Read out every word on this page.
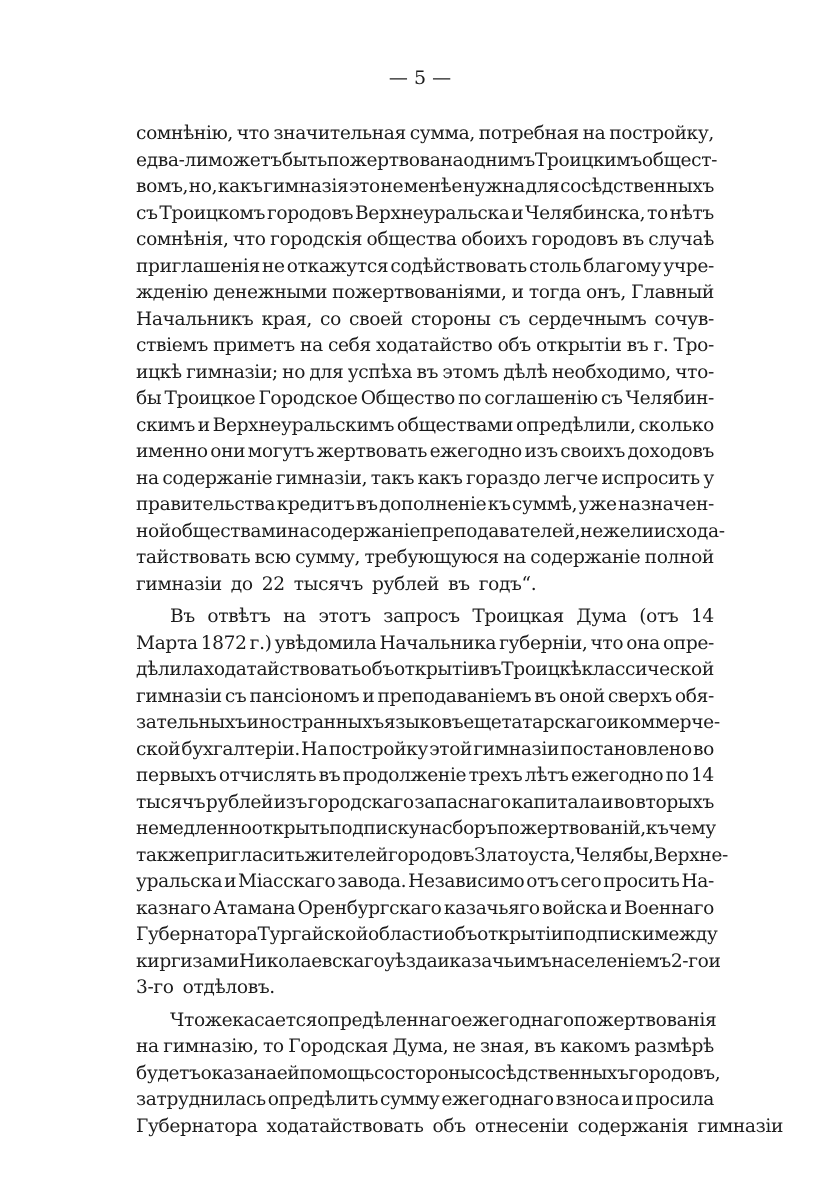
— 5 —
сомнѣнію, что значительная сумма, потребная на постройку,
едва-ли можетъ быть пожертвована однимъ Троицкимъ общест-
вомъ, но, какъ гимназія это не менѣе нужна для сосѣдственныхъ
съ Троицкомъ городовъ Верхнеуральска и Челябинска, то нѣтъ
сомнѣнія, что городскія общества обоихъ городовъ въ случаѣ
приглашенія не откажутся содѣйствовать столь благому учре-
жденію денежными пожертвованіями, и тогда онъ, Главный
Начальникъ края, со своей стороны съ сердечнымъ сочув-
ствіемъ приметъ на себя ходатайство объ открытіи въ г. Тро-
ицкѣ гимназіи; но для успѣха въ этомъ дѣлѣ необходимо, что-
бы Троицкое Городское Общество по соглашенію съ Челябин-
скимъ и Верхнеуральскимъ обществами опредѣлили, сколько
именно они могутъ жертвовать ежегодно изъ своихъ доходовъ
на содержаніе гимназіи, такъ какъ гораздо легче испросить у
правительства кредитъ въ дополненіе къ суммѣ, уже назначен-
ной обществами на содержаніе преподавателей, нежели исхода-
тайствовать всю сумму, требующуюся на содержаніе полной
гимназіи до 22 тысячъ рублей въ годъ“.
Въ отвѣтъ на этотъ запросъ Троицкая Дума (отъ 14
Марта 1872 г.) увѣдомила Начальника губерніи, что она опре-
дѣлила ходатайствовать объ открытіи въ Троицкѣ классической
гимназіи съ пансіономъ и преподаваніемъ въ оной сверхъ обя-
зательныхъ иностранныхъ языковъ еще татарскаго и коммерче-
ской бухгалтеріи. На постройку этой гимназіи постановлено во
первыхъ отчислять въ продолженіе трехъ лѣтъ ежегодно по 14
тысячъ рублей изъ городскаго запаснаго капитала и во вторыхъ
немедленно открыть подписку на сборъ пожертвованій, къ чему
также пригласить жителей городовъ Златоуста, Челябы, Верхне-
уральска и Міасскаго завода. Независимо отъ сего просить На-
казнаго Атамана Оренбургскаго казачьяго войска и Военнаго
Губернатора Тургайской области объ открытіи подписки между
киргизами Николаевскаго уѣзда и казачьимъ населеніемъ 2-го и
3-го отдѣловъ.
Что же касается опредѣленнаго ежегоднаго пожертвованія
на гимназію, то Городская Дума, не зная, въ какомъ размѣрѣ
будетъ оказана ей помощь со стороны сосѣдственныхъ городовъ,
затруднилась опредѣлить сумму ежегоднаго взноса и просила
Губернатора ходатайствовать объ отнесеніи содержанія гимназіи
